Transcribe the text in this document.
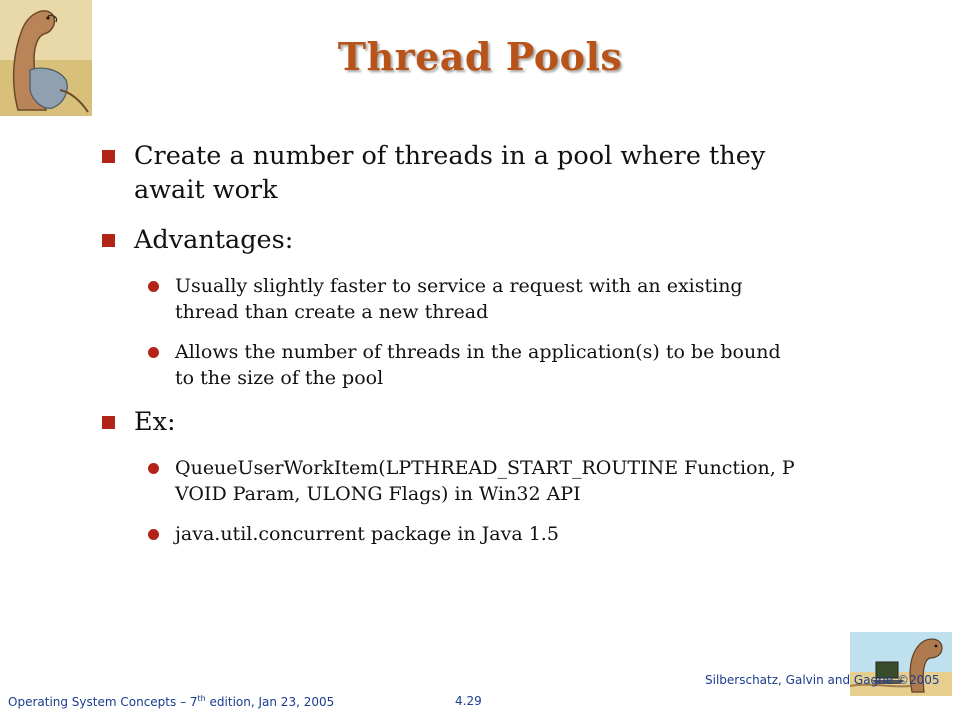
Thread Pools
Create a number of threads in a pool where they await work
Advantages:
Usually slightly faster to service a request with an existing thread than create a new thread
Allows the number of threads in the application(s) to be bound to the size of the pool
Ex:
QueueUserWorkItem(LPTHREAD_START_ROUTINE Function, PVOID Param, ULONG Flags) in Win32 API
java.util.concurrent package in Java 1.5
Operating System Concepts – 7th edition, Jan 23, 2005	4.29
Silberschatz, Galvin and Gagne ©2005
